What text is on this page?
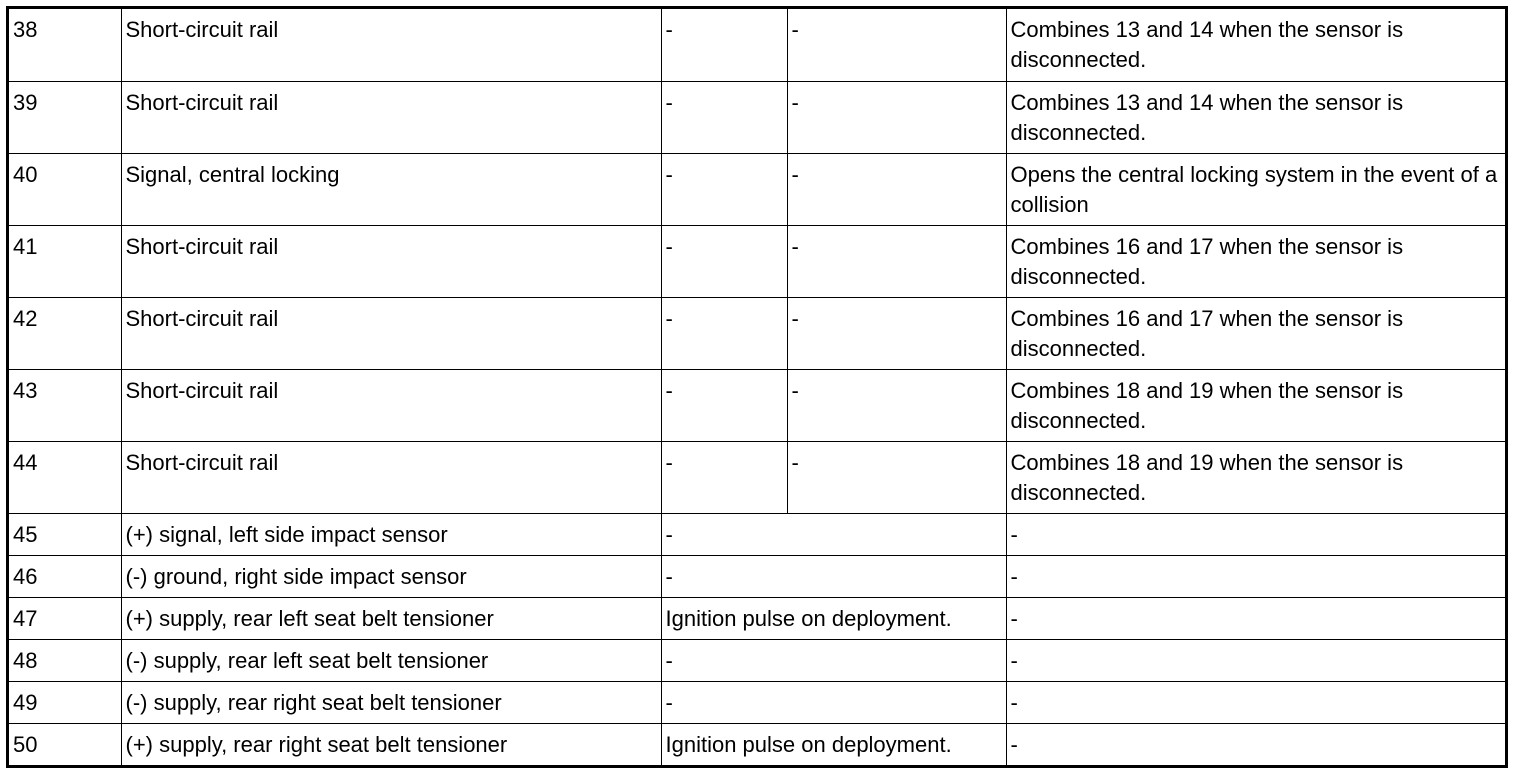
38	Short-circuit rail	-	-	Combines 13 and 14 when the sensor is disconnected.
39	Short-circuit rail	-	-	Combines 13 and 14 when the sensor is disconnected.
40	Signal, central locking	-	-	Opens the central locking system in the event of a collision
41	Short-circuit rail	-	-	Combines 16 and 17 when the sensor is disconnected.
42	Short-circuit rail	-	-	Combines 16 and 17 when the sensor is disconnected.
43	Short-circuit rail	-	-	Combines 18 and 19 when the sensor is disconnected.
44	Short-circuit rail	-	-	Combines 18 and 19 when the sensor is disconnected.
45	(+) signal, left side impact sensor	-		-
46	(-) ground, right side impact sensor	-		-
47	(+) supply, rear left seat belt tensioner	Ignition pulse on deployment.		-
48	(-) supply, rear left seat belt tensioner	-		-
49	(-) supply, rear right seat belt tensioner	-		-
50	(+) supply, rear right seat belt tensioner	Ignition pulse on deployment.		-
